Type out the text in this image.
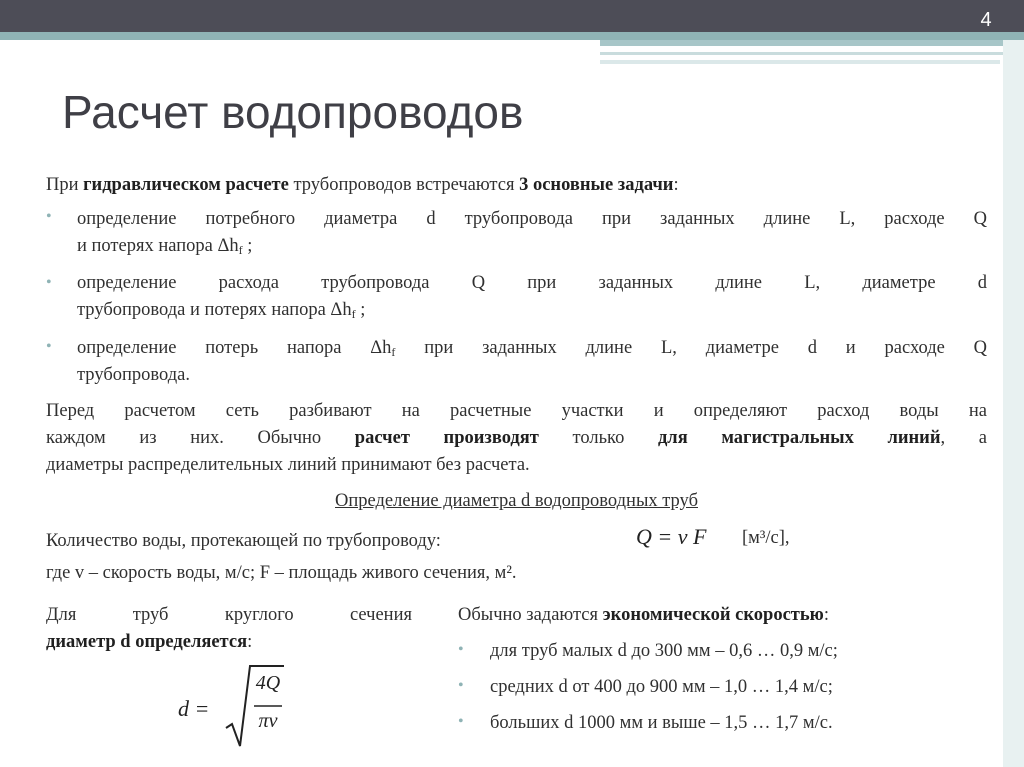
4
Расчет водопроводов
При гидравлическом расчете трубопроводов встречаются 3 основные задачи:
• определение потребного диаметра d трубопровода при заданных длине L, расходе Q
и потерях напора $\Delta h_f$ ;
• определение расхода трубопровода Q при заданных длине L, диаметре d
трубопровода и потерях напора $\Delta h_f$ ;
• определение потерь напора $\Delta h_f$ при заданных длине L, диаметре d и расходе Q
трубопровода.
Перед расчетом сеть разбивают на расчетные участки и определяют расход воды на
каждом из них. Обычно расчет производят только для магистральных линий, а
диаметры распределительных линий принимают без расчета.
Определение диаметра d водопроводных труб
Количество воды, протекающей по трубопроводу:	Q = v F [м³/с],
где v – скорость воды, м/с; F – площадь живого сечения, м².
Для труб круглого сечения
диаметр d определяется:
d =
4Q
πv
Обычно задаются экономической скоростью:
• для труб малых d до 300 мм – 0,6 … 0,9 м/с;
• средних d от 400 до 900 мм – 1,0 … 1,4 м/с;
• больших d 1000 мм и выше – 1,5 … 1,7 м/с.
